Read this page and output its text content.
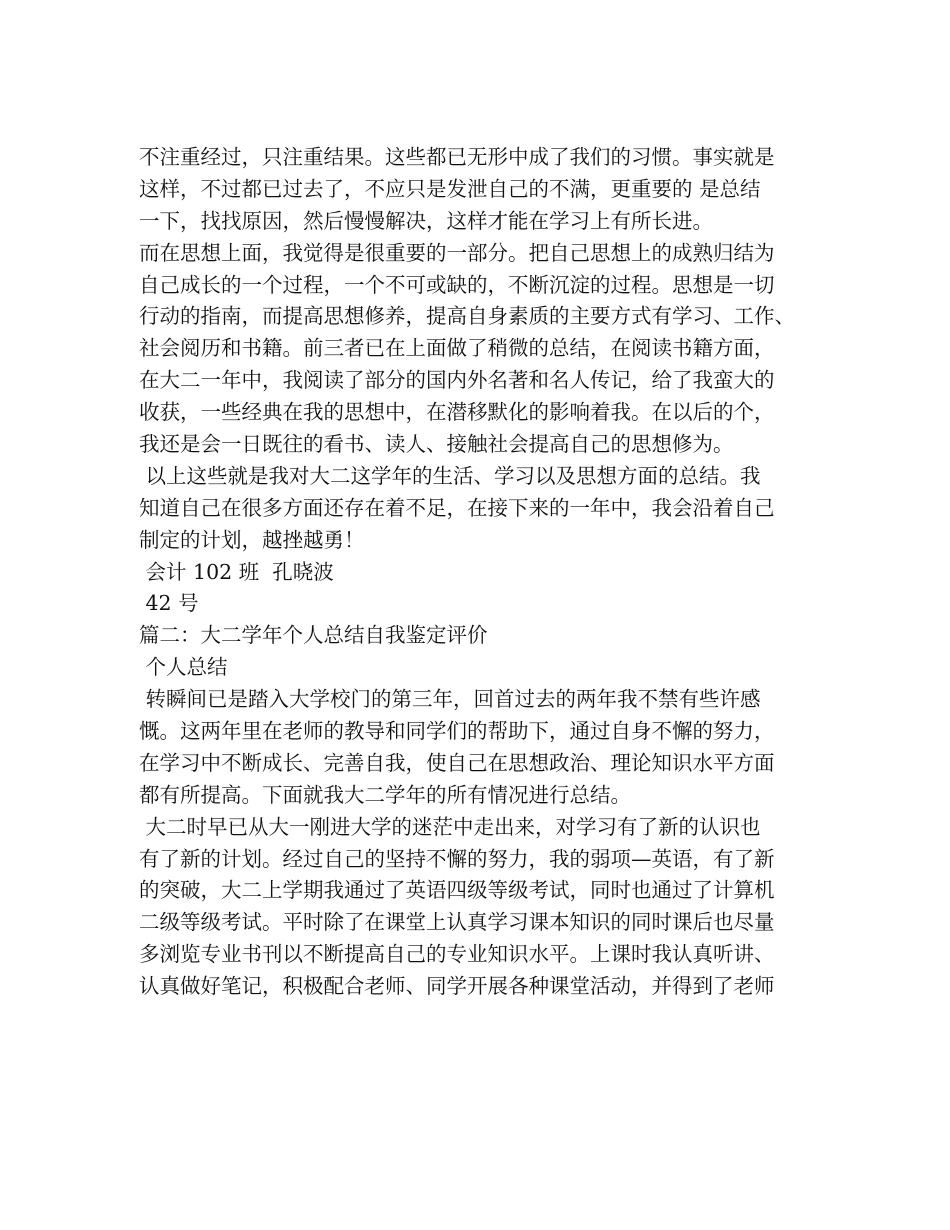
不注重经过，只注重结果。这些都已无形中成了我们的习惯。事实就是
这样，不过都已过去了，不应只是发泄自己的不满，更重要的 是总结
一下，找找原因，然后慢慢解决，这样才能在学习上有所长进。
而在思想上面，我觉得是很重要的一部分。把自己思想上的成熟归结为
自己成长的一个过程，一个不可或缺的，不断沉淀的过程。思想是一切
行动的指南，而提高思想修养，提高自身素质的主要方式有学习、工作、
社会阅历和书籍。前三者已在上面做了稍微的总结，在阅读书籍方面，
在大二一年中，我阅读了部分的国内外名著和名人传记，给了我蛮大的
收获，一些经典在我的思想中，在潜移默化的影响着我。在以后的个，
我还是会一日既往的看书、读人、接触社会提高自己的思想修为。
以上这些就是我对大二这学年的生活、学习以及思想方面的总结。我
知道自己在很多方面还存在着不足，在接下来的一年中，我会沿着自己
制定的计划，越挫越勇！
会计 102 班  孔晓波
42 号
篇二：大二学年个人总结自我鉴定评价
个人总结
转瞬间已是踏入大学校门的第三年，回首过去的两年我不禁有些许感
慨。这两年里在老师的教导和同学们的帮助下，通过自身不懈的努力，
在学习中不断成长、完善自我，使自己在思想政治、理论知识水平方面
都有所提高。下面就我大二学年的所有情况进行总结。
大二时早已从大一刚进大学的迷茫中走出来，对学习有了新的认识也
有了新的计划。经过自己的坚持不懈的努力，我的弱项—英语，有了新
的突破，大二上学期我通过了英语四级等级考试，同时也通过了计算机
二级等级考试。平时除了在课堂上认真学习课本知识的同时课后也尽量
多浏览专业书刊以不断提高自己的专业知识水平。上课时我认真听讲、
认真做好笔记，积极配合老师、同学开展各种课堂活动，并得到了老师
